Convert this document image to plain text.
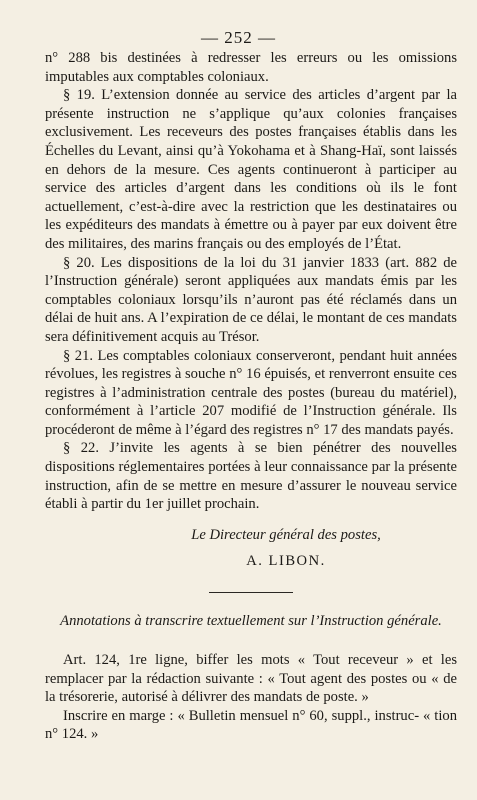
— 252 —

n° 288 bis destinées à redresser les erreurs ou les omissions imputables aux comptables coloniaux.

§ 19. L’extension donnée au service des articles d’argent par la présente instruction ne s’applique qu’aux colonies françaises exclusivement. Les receveurs des postes françaises établis dans les Échelles du Levant, ainsi qu’à Yokohama et à Shang-Haï, sont laissés en dehors de la mesure. Ces agents continueront à participer au service des articles d’argent dans les conditions où ils le font actuellement, c’est-à-dire avec la restriction que les destinataires ou les expéditeurs des mandats à émettre ou à payer par eux doivent être des militaires, des marins français ou des employés de l’État.

§ 20. Les dispositions de la loi du 31 janvier 1833 (art. 882 de l’Instruction générale) seront appliquées aux mandats émis par les comptables coloniaux lorsqu’ils n’auront pas été réclamés dans un délai de huit ans. A l’expiration de ce délai, le montant de ces mandats sera définitivement acquis au Trésor.

§ 21. Les comptables coloniaux conserveront, pendant huit années révolues, les registres à souche n° 16 épuisés, et renverront ensuite ces registres à l’administration centrale des postes (bureau du matériel), conformément à l’article 207 modifié de l’Instruction générale. Ils procéderont de même à l’égard des registres n° 17 des mandats payés.

§ 22. J’invite les agents à se bien pénétrer des nouvelles dispositions réglementaires portées à leur connaissance par la présente instruction, afin de se mettre en mesure d’assurer le nouveau service établi à partir du 1er juillet prochain.

Le Directeur général des postes,
A. LIBON.
Annotations à transcrire textuellement sur l’Instruction générale.

Art. 124, 1re ligne, biffer les mots « Tout receveur » et les remplacer par la rédaction suivante : « Tout agent des postes ou « de la trésorerie, autorisé à délivrer des mandats de poste. »

Inscrire en marge : « Bulletin mensuel n° 60, suppl., instruc- « tion n° 124. »
